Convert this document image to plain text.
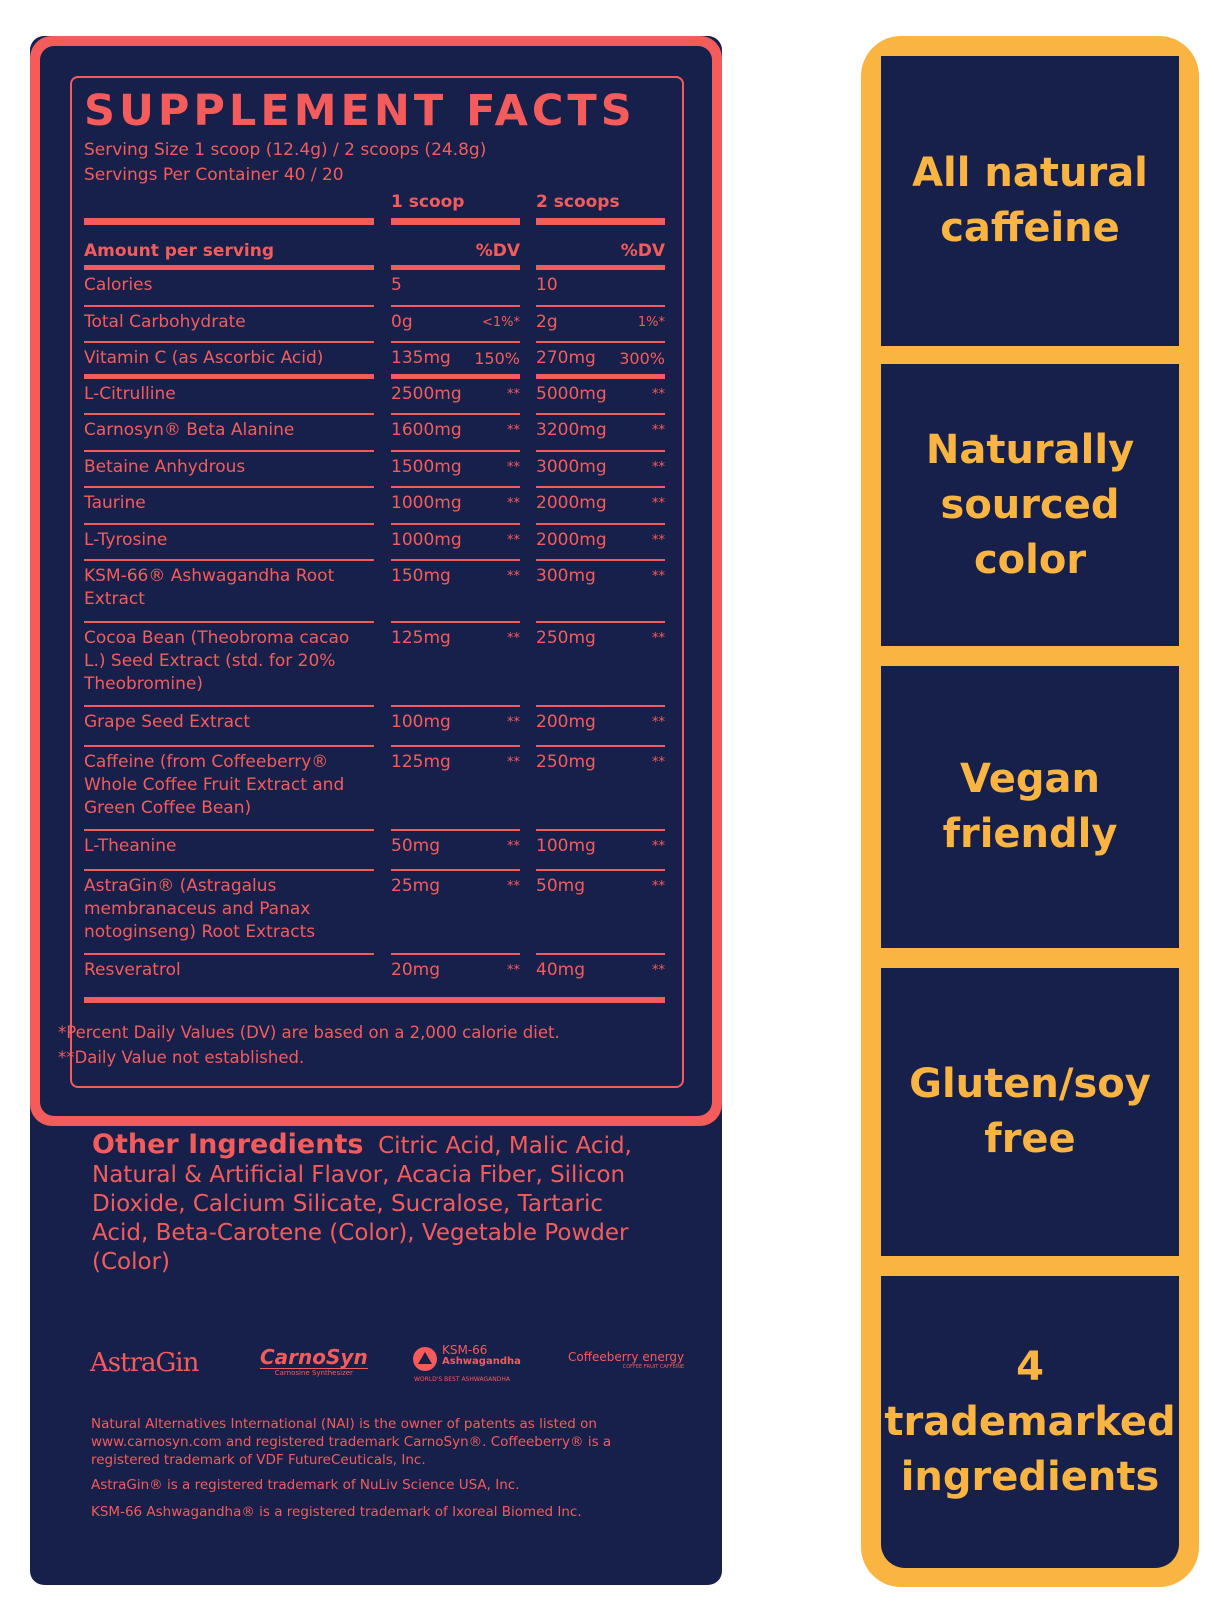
SUPPLEMENT FACTS
Serving Size 1 scoop (12.4g) / 2 scoops (24.8g)
Servings Per Container 40 / 20
1 scoop	2 scoops
Amount per serving	%DV	%DV
Calories	5	10
Total Carbohydrate	0g	<1%* 2g	1%*
Vitamin C (as Ascorbic Acid)	135mg	150% 270mg	300%
L-Citrulline	2500mg	** 5000mg	**
Carnosyn® Beta Alanine	1600mg	** 3200mg	**
Betaine Anhydrous	1500mg	** 3000mg	**
Taurine	1000mg	** 2000mg	**
L-Tyrosine	1000mg	** 2000mg	**
KSM-66® Ashwagandha Root Extract
150mg	** 300mg	**
Cocoa Bean (Theobroma cacao L.) Seed Extract (std. for 20% Theobromine)
125mg	** 250mg	**
Grape Seed Extract	100mg	** 200mg	**
Caffeine (from Coffeeberry® Whole Coffee Fruit Extract and Green Coffee Bean)
125mg	** 250mg	**
L-Theanine	50mg	** 100mg	**
AstraGin® (Astragalus membranaceus and Panax notoginseng) Root Extracts
25mg	** 50mg	**
Resveratrol	20mg	** 40mg	**
*Percent Daily Values (DV) are based on a 2,000 calorie diet.
**Daily Value not established.
Other Ingredients Citric Acid, Malic Acid, Natural & Artificial Flavor, Acacia Fiber, Silicon Dioxide, Calcium Silicate, Sucralose, Tartaric Acid, Beta-Carotene (Color), Vegetable Powder (Color)
AstraGin	CarnoSyn
Carnosine Synthesizer
KSM-66
Ashwagandha
WORLD'S BEST ASHWAGANDHA
Coffeeberry energy
COFFEE FRUIT CAFFEINE
Natural Alternatives International (NAI) is the owner of patents as listed on www.carnosyn.com and registered trademark CarnoSyn®. Coffeeberry® is a registered trademark of VDF FutureCeuticals, Inc.
AstraGin® is a registered trademark of NuLiv Science USA, Inc.
KSM-66 Ashwagandha® is a registered trademark of Ixoreal Biomed Inc.
All natural caffeine
Naturally sourced color
Vegan friendly
Gluten/soy free
4 trademarked ingredients
